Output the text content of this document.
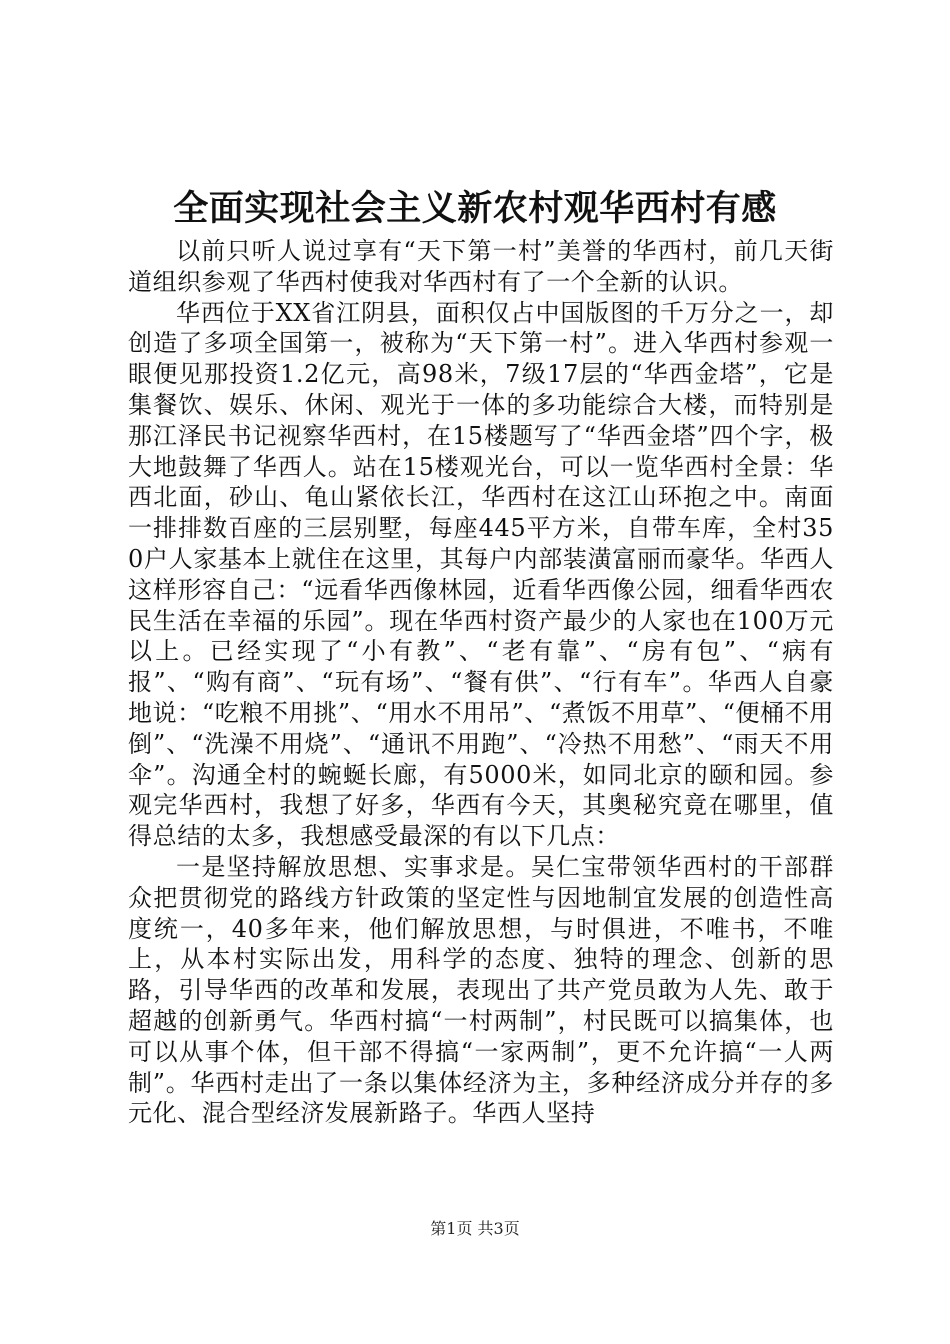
全面实现社会主义新农村观华西村有感

以前只听人说过享有“天下第一村”美誉的华西村，前几天街道组织参观了华西村使我对华西村有了一个全新的认识。

华西位于XX省江阴县，面积仅占中国版图的千万分之一，却创造了多项全国第一，被称为“天下第一村”。进入华西村参观一眼便见那投资1.2亿元，高98米，7级17层的“华西金塔”，它是集餐饮、娱乐、休闲、观光于一体的多功能综合大楼，而特别是那江泽民书记视察华西村，在15楼题写了“华西金塔”四个字，极大地鼓舞了华西人。站在15楼观光台，可以一览华西村全景：华西北面，砂山、龟山紧依长江，华西村在这江山环抱之中。南面一排排数百座的三层别墅，每座445平方米，自带车库，全村350户人家基本上就住在这里，其每户内部装潢富丽而豪华。华西人这样形容自己：“远看华西像林园，近看华西像公园，细看华西农民生活在幸福的乐园”。现在华西村资产最少的人家也在100万元以上。已经实现了“小有教”、“老有靠”、“房有包”、“病有报”、“购有商”、“玩有场”、“餐有供”、“行有车”。华西人自豪地说：“吃粮不用挑”、“用水不用吊”、“煮饭不用草”、“便桶不用倒”、“洗澡不用烧”、“通讯不用跑”、“冷热不用愁”、“雨天不用伞”。沟通全村的蜿蜒长廊，有5000米，如同北京的颐和园。参观完华西村，我想了好多，华西有今天，其奥秘究竟在哪里，值得总结的太多，我想感受最深的有以下几点：

一是坚持解放思想、实事求是。吴仁宝带领华西村的干部群众把贯彻党的路线方针政策的坚定性与因地制宜发展的创造性高度统一，40多年来，他们解放思想，与时俱进，不唯书，不唯上，从本村实际出发，用科学的态度、独特的理念、创新的思路，引导华西的改革和发展，表现出了共产党员敢为人先、敢于超越的创新勇气。华西村搞“一村两制”，村民既可以搞集体，也可以从事个体，但干部不得搞“一家两制”，更不允许搞“一人两制”。华西村走出了一条以集体经济为主，多种经济成分并存的多元化、混合型经济发展新路子。华西人坚持

第1页 共3页
